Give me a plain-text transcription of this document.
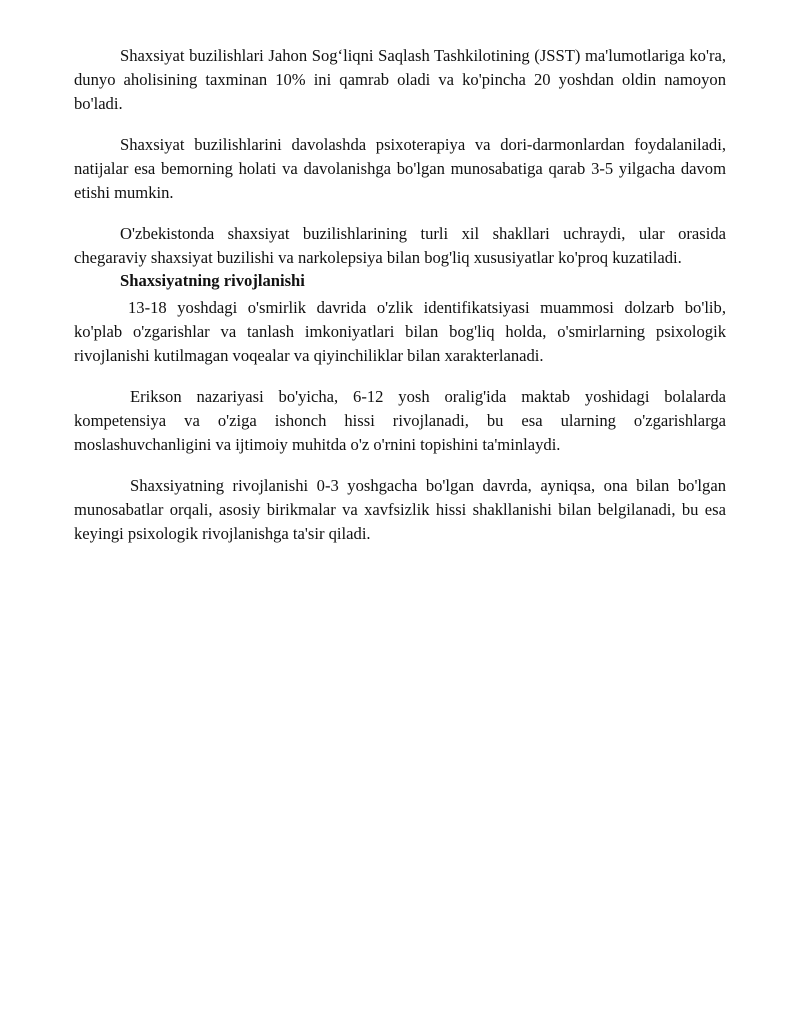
Shaxsiyat buzilishlari Jahon Sog‘liqni Saqlash Tashkilotining (JSST) ma'lumotlariga ko'ra, dunyo aholisining taxminan 10% ini qamrab oladi va ko'pincha 20 yoshdan oldin namoyon bo'ladi.

Shaxsiyat buzilishlarini davolashda psixoterapiya va dori-darmonlardan foydalaniladi, natijalar esa bemorning holati va davolanishga bo'lgan munosabatiga qarab 3-5 yilgacha davom etishi mumkin.

O'zbekistonda shaxsiyat buzilishlarining turli xil shakllari uchraydi, ular orasida chegaraviy shaxsiyat buzilishi va narkolepsiya bilan bog'liq xususiyatlar ko'proq kuzatiladi.

Shaxsiyatning rivojlanishi

13-18 yoshdagi o'smirlik davrida o'zlik identifikatsiyasi muammosi dolzarb bo'lib, ko'plab o'zgarishlar va tanlash imkoniyatlari bilan bog'liq holda, o'smirlarning psixologik rivojlanishi kutilmagan voqealar va qiyinchiliklar bilan xarakterlanadi.

Erikson nazariyasi bo'yicha, 6-12 yosh oralig'ida maktab yoshidagi bolalarda kompetensiya va o'ziga ishonch hissi rivojlanadi, bu esa ularning o'zgarishlarga moslashuvchanligini va ijtimoiy muhitda o'z o'rnini topishini ta'minlaydi.

Shaxsiyatning rivojlanishi 0-3 yoshgacha bo'lgan davrda, ayniqsa, ona bilan bo'lgan munosabatlar orqali, asosiy birikmalar va xavfsizlik hissi shakllanishi bilan belgilanadi, bu esa keyingi psixologik rivojlanishga ta'sir qiladi.
